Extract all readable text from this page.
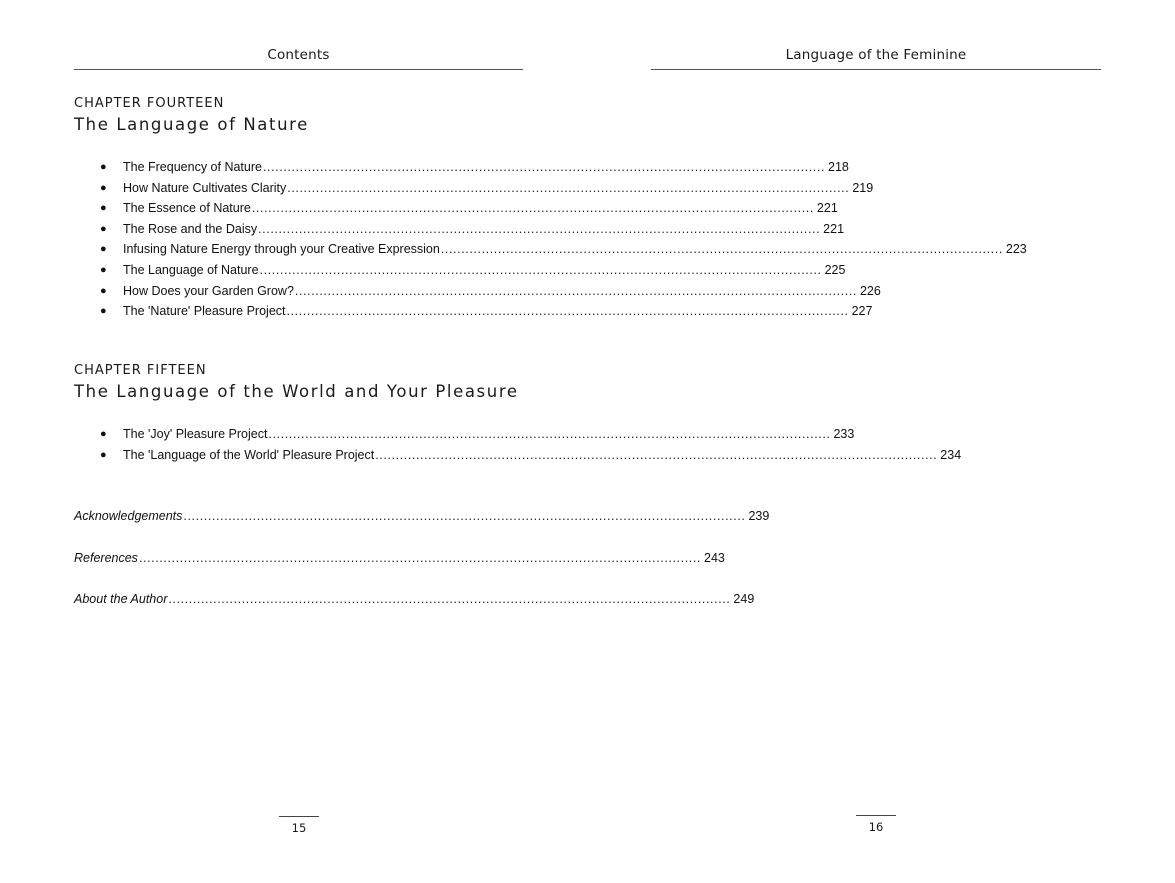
Contents
CHAPTER FOURTEEN
The Language of Nature
● The Frequency of Nature .......................................................................................................................................... 218
● How Nature Cultivates Clarity .......................................................................................................................................... 219
● The Essence of Nature .......................................................................................................................................... 221
● The Rose and the Daisy .......................................................................................................................................... 221
● Infusing Nature Energy through your Creative Expression .......................................................................................................................................... 223
● The Language of Nature .......................................................................................................................................... 225
● How Does your Garden Grow? .......................................................................................................................................... 226
● The 'Nature' Pleasure Project .......................................................................................................................................... 227
CHAPTER FIFTEEN
The Language of the World and Your Pleasure
● The 'Joy' Pleasure Project .......................................................................................................................................... 233
● The 'Language of the World' Pleasure Project .......................................................................................................................................... 234
Acknowledgements .......................................................................................................................................... 239
References .......................................................................................................................................... 243
About the Author .......................................................................................................................................... 249
15
Language of the Feminine
16
